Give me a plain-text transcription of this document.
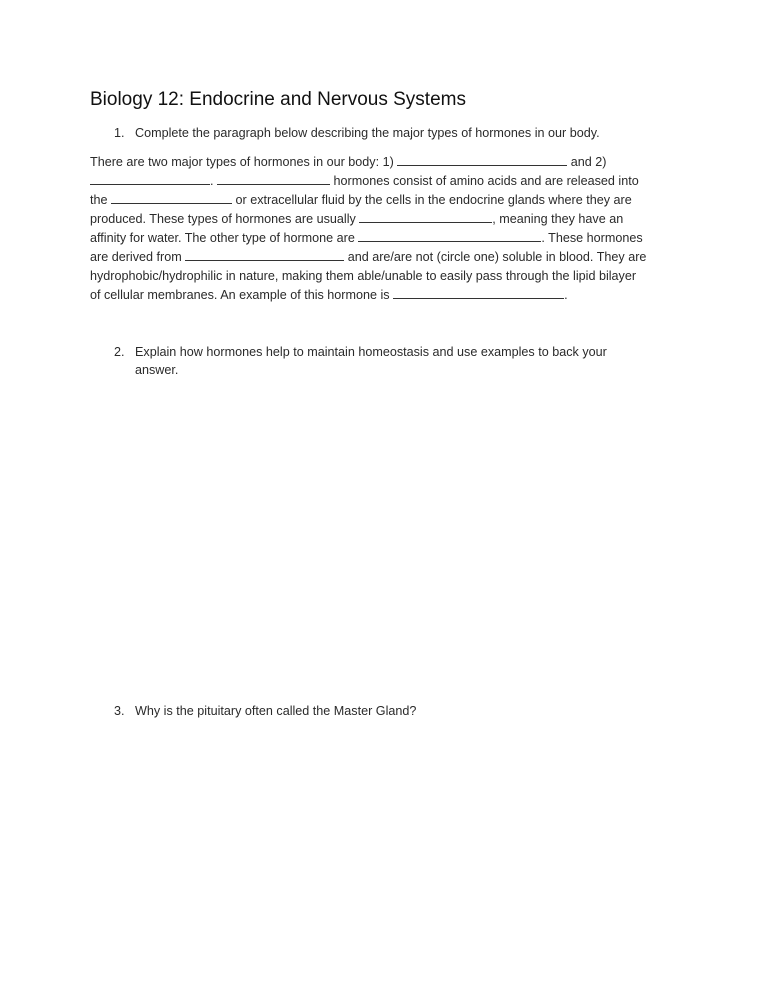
Biology 12: Endocrine and Nervous Systems
1. Complete the paragraph below describing the major types of hormones in our body.
There are two major types of hormones in our body: 1)	and 2)
.	hormones consist of amino acids and are released into
the	or extracellular fluid by the cells in the endocrine glands where they are
produced. These types of hormones are usually	, meaning they have an
affinity for water. The other type of hormone are	. These hormones
are derived from	and are/are not (circle one) soluble in blood. They are
hydrophobic/hydrophilic in nature, making them able/unable to easily pass through the lipid bilayer
of cellular membranes. An example of this hormone is	.
2. Explain how hormones help to maintain homeostasis and use examples to back your
answer.
3. Why is the pituitary often called the Master Gland?
